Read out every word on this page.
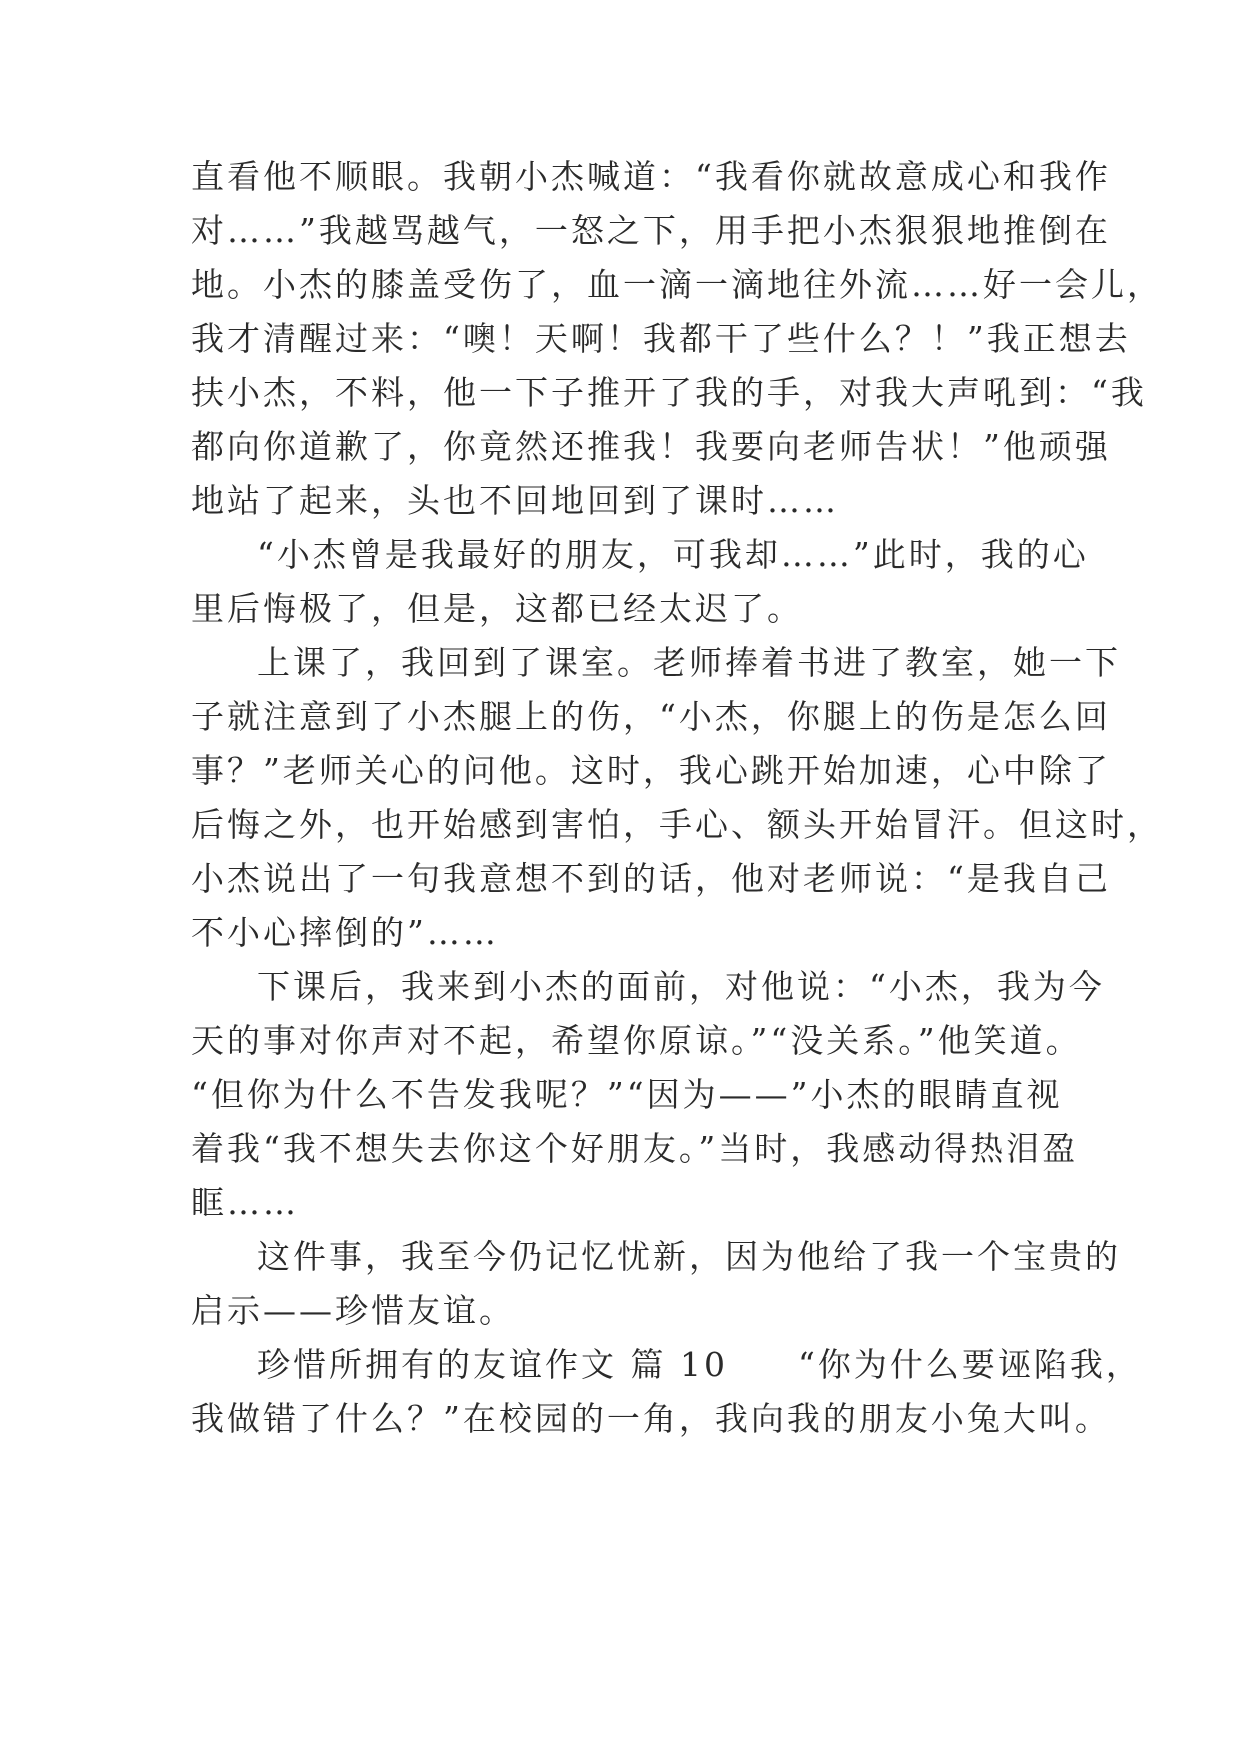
直看他不顺眼。我朝小杰喊道：“我看你就故意成心和我作
对……”我越骂越气，一怒之下，用手把小杰狠狠地推倒在
地。小杰的膝盖受伤了，血一滴一滴地往外流……好一会儿，
我才清醒过来：“噢！天啊！我都干了些什么？！”我正想去
扶小杰，不料，他一下子推开了我的手，对我大声吼到：“我
都向你道歉了，你竟然还推我！我要向老师告状！”他顽强
地站了起来，头也不回地回到了课时……
“小杰曾是我最好的朋友，可我却……”此时，我的心
里后悔极了，但是，这都已经太迟了。
上课了，我回到了课室。老师捧着书进了教室，她一下
子就注意到了小杰腿上的伤，“小杰，你腿上的伤是怎么回
事？”老师关心的问他。这时，我心跳开始加速，心中除了
后悔之外，也开始感到害怕，手心、额头开始冒汗。但这时，
小杰说出了一句我意想不到的话，他对老师说：“是我自己
不小心摔倒的”……
下课后，我来到小杰的面前，对他说：“小杰，我为今
天的事对你声对不起，希望你原谅。”“没关系。”他笑道。
“但你为什么不告发我呢？”“因为——”小杰的眼睛直视
着我“我不想失去你这个好朋友。”当时，我感动得热泪盈
眶……
这件事，我至今仍记忆忧新，因为他给了我一个宝贵的
启示——珍惜友谊。
珍惜所拥有的友谊作文 篇 10 “你为什么要诬陷我，
我做错了什么？”在校园的一角，我向我的朋友小兔大叫。
